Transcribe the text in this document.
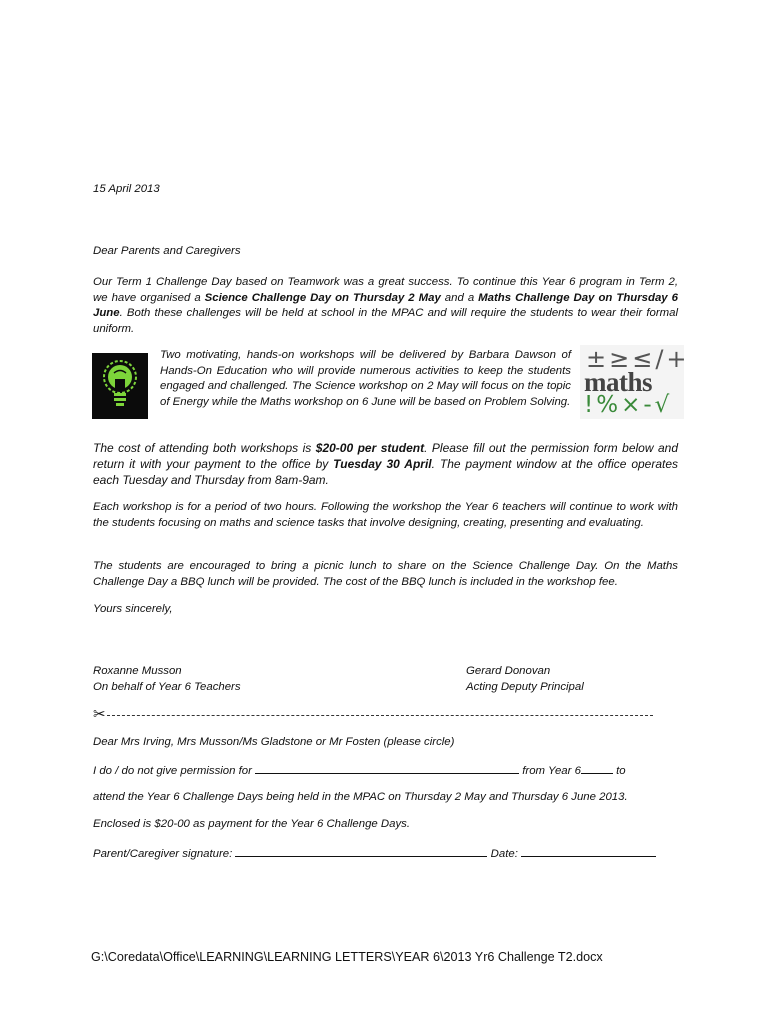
15 April 2013
Dear Parents and Caregivers
Our Term 1 Challenge Day based on Teamwork was a great success. To continue this Year 6 program in Term 2, we have organised a Science Challenge Day on Thursday 2 May and a Maths Challenge Day on Thursday 6 June. Both these challenges will be held at school in the MPAC and will require the students to wear their formal uniform.
Two motivating, hands-on workshops will be delivered by Barbara Dawson of Hands-On Education who will provide numerous activities to keep the students engaged and challenged. The Science workshop on 2 May will focus on the topic of Energy while the Maths workshop on 6 June will be based on Problem Solving.
±≥≤/+
maths
!%×-√
The cost of attending both workshops is $20-00 per student. Please fill out the permission form below and return it with your payment to the office by Tuesday 30 April. The payment window at the office operates each Tuesday and Thursday from 8am-9am.
Each workshop is for a period of two hours. Following the workshop the Year 6 teachers will continue to work with the students focusing on maths and science tasks that involve designing, creating, presenting and evaluating.
The students are encouraged to bring a picnic lunch to share on the Science Challenge Day. On the Maths Challenge Day a BBQ lunch will be provided. The cost of the BBQ lunch is included in the workshop fee.
Yours sincerely,
Roxanne Musson
On behalf of Year 6 Teachers
Gerard Donovan
Acting Deputy Principal
✂
Dear Mrs Irving, Mrs Musson/Ms Gladstone or Mr Fosten (please circle)
I do / do not give permission for	from Year 6	to
attend the Year 6 Challenge Days being held in the MPAC on Thursday 2 May and Thursday 6 June 2013.
Enclosed is $20-00 as payment for the Year 6 Challenge Days.
Parent/Caregiver signature:	Date:
G:\Coredata\Office\LEARNING\LEARNING LETTERS\YEAR 6\2013 Yr6 Challenge T2.docx
